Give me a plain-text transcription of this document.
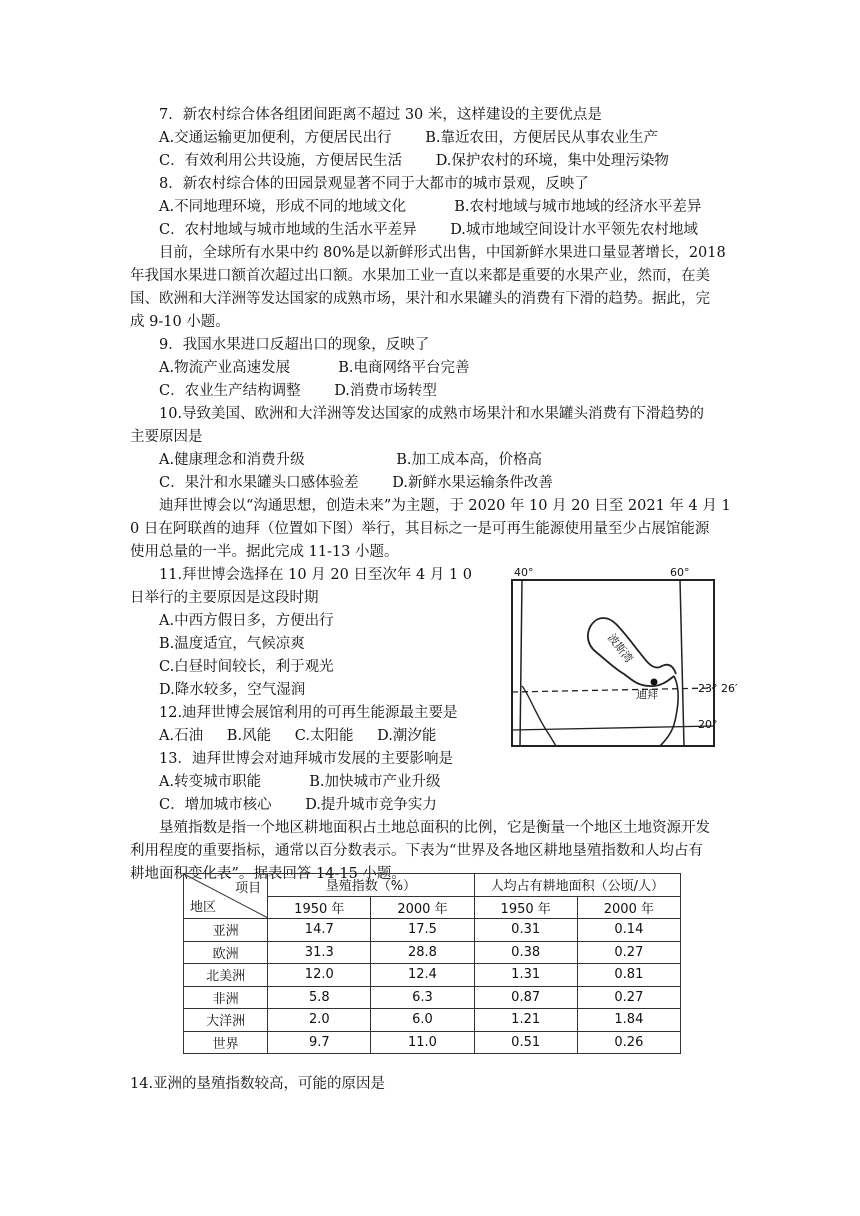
7．新农村综合体各组团间距离不超过 30 米，这样建设的主要优点是
A.交通运输更加便利，方便居民出行 　　B.靠近农田，方便居民从事农业生产
C．有效利用公共设施，方便居民生活 　　D.保护农村的环境，集中处理污染物
8．新农村综合体的田园景观显著不同于大都市的城市景观，反映了
A.不同地理环境，形成不同的地域文化 　　　B.农村地域与城市地域的经济水平差异
C．农村地域与城市地域的生活水平差异 　　D.城市地域空间设计水平领先农村地域
目前，全球所有水果中约 80%是以新鲜形式出售，中国新鲜水果进口量显著增长，2018
年我国水果进口额首次超过出口额。水果加工业一直以来都是重要的水果产业，然而，在美
国、欧洲和大洋洲等发达国家的成熟市场，果汁和水果罐头的消费有下滑的趋势。据此，完
成 9-10 小题。
9．我国水果进口反超出口的现象，反映了
A.物流产业高速发展 　　　B.电商网络平台完善
C．农业生产结构调整 　　D.消费市场转型
10.导致美国、欧洲和大洋洲等发达国家的成熟市场果汁和水果罐头消费有下滑趋势的
主要原因是
A.健康理念和消费升级 　　　　　　B.加工成本高，价格高
C．果汁和水果罐头口感体验差 　　D.新鲜水果运输条件改善
迪拜世博会以“沟通思想，创造未来”为主题，于 2020 年 10 月 20 日至 2021 年 4 月 1
0 日在阿联酋的迪拜（位置如下图）举行，其目标之一是可再生能源使用量至少占展馆能源
使用总量的一半。据此完成 11-13 小题。
11.拜世博会选择在 10 月 20 日至次年 4 月 1 0
日举行的主要原因是这段时期
A.中西方假日多，方便出行
B.温度适宜，气候凉爽
C.白昼时间较长，利于观光
D.降水较多，空气湿润
12.迪拜世博会展馆利用的可再生能源最主要是
A.石油 　 B.风能 　 C.太阳能 　 D.潮汐能
13．迪拜世博会对迪拜城市发展的主要影响是
A.转变城市职能 　　　B.加快城市产业升级
C．增加城市核心 　　D.提升城市竞争实力
垦殖指数是指一个地区耕地面积占土地总面积的比例，它是衡量一个地区土地资源开发
利用程度的重要指标，通常以百分数表示。下表为“世界及各地区耕地垦殖指数和人均占有
耕地面积变化表”。据表回答 14-15 小题。
14.亚洲的垦殖指数较高，可能的原因是
40°	60°
23° 26′
20°
波斯湾
迪拜
项目
地区	垦殖指数（%）		人均占有耕地面积（公顷/人）	
	1950 年	2000 年	1950 年	2000 年
亚洲	14.7	17.5	0.31	0.14
欧洲	31.3	28.8	0.38	0.27
北美洲	12.0	12.4	1.31	0.81
非洲	5.8	6.3	0.87	0.27
大洋洲	2.0	6.0	1.21	1.84
世界	9.7	11.0	0.51	0.26
